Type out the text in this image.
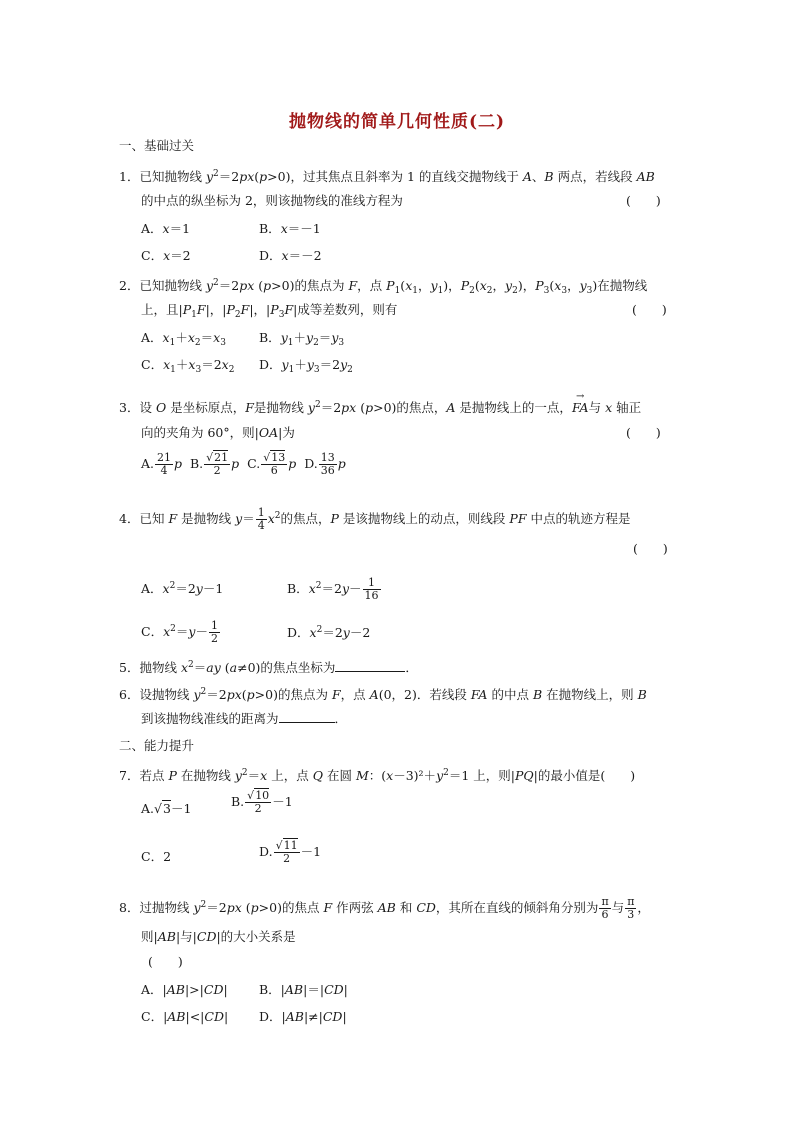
抛物线的简单几何性质(二)
一、基础过关
1．已知抛物线 $y^2=2px(p>0)$，过其焦点且斜率为 1 的直线交抛物线于 A、B 两点，若线段 AB
的中点的纵坐标为 2，则该抛物线的准线方程为	(　　)
A．x＝1	B．x＝－1
C．x＝2	D．x＝－2
2．已知抛物线 $y^2=2px$ (p>0)的焦点为 F，点 $P_1(x_1$，$y_1$)，$P_2(x_2$，$y_2$)，$P_3(x_3$，$y_3$)在抛物线
上，且$|P_1F|$，$|P_2F|$，$|P_3F|$成等差数列，则有	(　　)
A．$x_1+x_2=x_3$	B．$y_1+y_2=y_3$
C．$x_1+x_3=2x_2$ D．$y_1+y_3=2y_2$
3．设 O 是坐标原点，F是抛物线 $y^2=2px$ (p>0)的焦点，A 是抛物线上的一点，→ FA与 x 轴正
向的夹角为 60°，则|OA|为	(　　)
A. $\frac{21}{4}$ p B. $\frac{√21}{2}$ p C. $\frac{√13}{6}$ p D. $\frac{13}{36}$ p
4．已知 F 是抛物线 $y= \frac{1}{4} x^2$的焦点，P 是该抛物线上的动点，则线段 PF 中点的轨迹方程是
(　　)
A．$x^2=2y-1$	B．$x^2=2y- \frac{1}{16}$
C．$x^2=y- \frac{1}{2}$	D．$x^2=2y-2$
5．抛物线 $x^2=ay$ (a≠0)的焦点坐标为	．
6．设抛物线 $y^2=2px(p>0)$的焦点为 F，点 A(0，2)．若线段 FA 的中点 B 在抛物线上，则 B
到该抛物线准线的距离为	．
二、能力提升
7．若点 P 在抛物线 $y^2=x$ 上，点 Q 在圆 M：$(x-3)^2+y^2=1$ 上，则|PQ|的最小值是(　　)
A.√3－1	B. $\frac{√10}{2} -1$
C．2	D. $\frac{√11}{2} -1$
8．过抛物线 $y^2=2px$ (p>0)的焦点 F 作两弦 AB 和 CD，其所在直线的倾斜角分别为 $\frac{\pi}{6}$ 与 $\frac{\pi}{3}$ ，
则|AB|与|CD|的大小关系是
(　　)
A．|AB|>|CD|	B．|AB|＝|CD|
C．|AB|<|CD| D．|AB|≠|CD|
